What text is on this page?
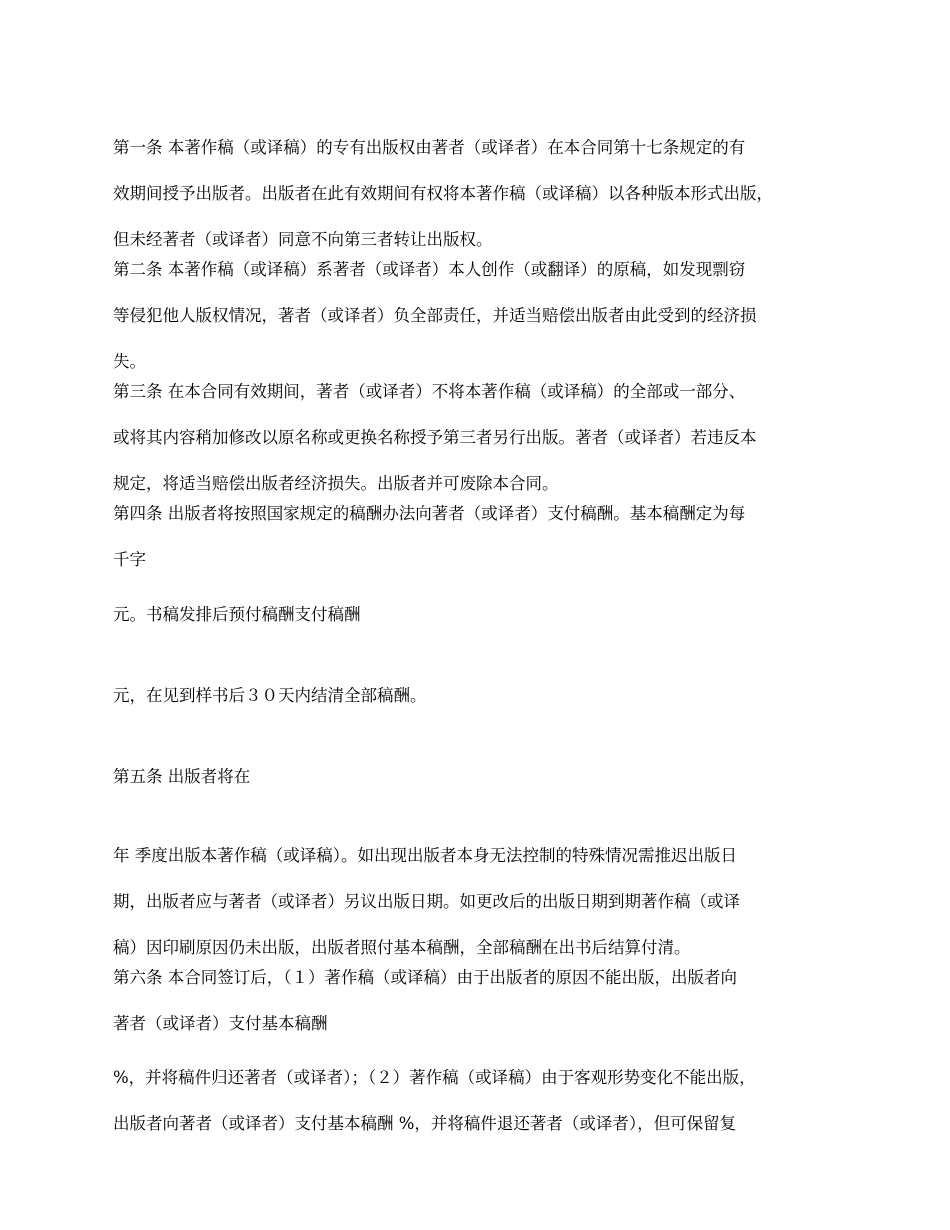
第一条 本著作稿（或译稿）的专有出版权由著者（或译者）在本合同第十七条规定的有

效期间授予出版者。出版者在此有效期间有权将本著作稿（或译稿）以各种版本形式出版，

但未经著者（或译者）同意不向第三者转让出版权。

第二条 本著作稿（或译稿）系著者（或译者）本人创作（或翻译）的原稿，如发现剽窃

等侵犯他人版权情况，著者（或译者）负全部责任，并适当赔偿出版者由此受到的经济损

失。

第三条 在本合同有效期间，著者（或译者）不将本著作稿（或译稿）的全部或一部分、

或将其内容稍加修改以原名称或更换名称授予第三者另行出版。著者（或译者）若违反本

规定，将适当赔偿出版者经济损失。出版者并可废除本合同。

第四条 出版者将按照国家规定的稿酬办法向著者（或译者）支付稿酬。基本稿酬定为每

千字

元。书稿发排后预付稿酬支付稿酬

元，在见到样书后３０天内结清全部稿酬。

第五条 出版者将在

年 季度出版本著作稿（或译稿）。如出现出版者本身无法控制的特殊情况需推迟出版日

期，出版者应与著者（或译者）另议出版日期。如更改后的出版日期到期著作稿（或译

稿）因印刷原因仍未出版，出版者照付基本稿酬，全部稿酬在出书后结算付清。

第六条 本合同签订后，（１）著作稿（或译稿）由于出版者的原因不能出版，出版者向

著者（或译者）支付基本稿酬

%，并将稿件归还著者（或译者）；（２）著作稿（或译稿）由于客观形势变化不能出版，

出版者向著者（或译者）支付基本稿酬 %，并将稿件退还著者（或译者），但可保留复
